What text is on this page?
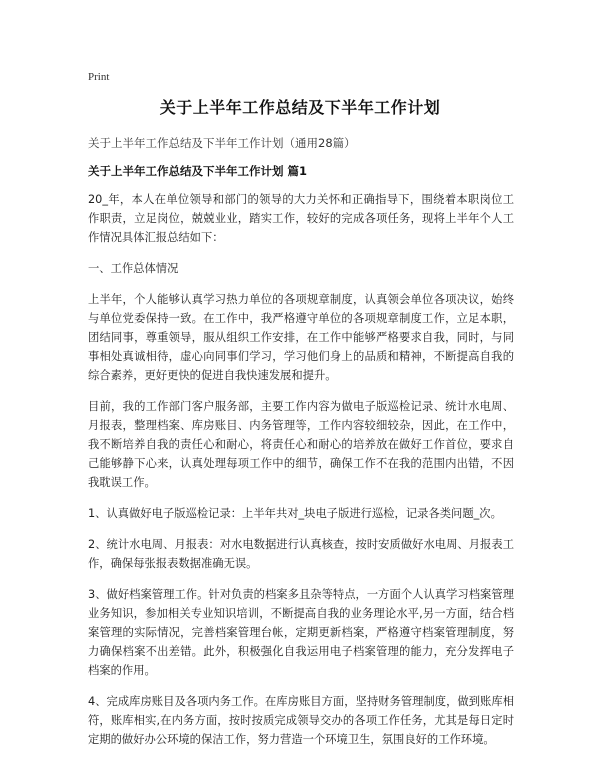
Print
关于上半年工作总结及下半年工作计划

关于上半年工作总结及下半年工作计划（通用28篇）

关于上半年工作总结及下半年工作计划 篇1

20_年，本人在单位领导和部门的领导的大力关怀和正确指导下，围绕着本职岗位工作职责，立足岗位，兢兢业业，踏实工作，较好的完成各项任务，现将上半年个人工作情况具体汇报总结如下：

一、工作总体情况

上半年，个人能够认真学习热力单位的各项规章制度，认真领会单位各项决议，始终与单位党委保持一致。在工作中，我严格遵守单位的各项规章制度工作，立足本职，团结同事，尊重领导，服从组织工作安排，在工作中能够严格要求自我，同时，与同事相处真诚相待，虚心向同事们学习，学习他们身上的品质和精神，不断提高自我的综合素养，更好更快的促进自我快速发展和提升。

目前，我的工作部门客户服务部，主要工作内容为做电子版巡检记录、统计水电周、月报表，整理档案、库房账目、内务管理等，工作内容较细较杂，因此，在工作中，我不断培养自我的责任心和耐心，将责任心和耐心的培养放在做好工作首位，要求自己能够静下心来，认真处理每项工作中的细节，确保工作不在我的范围内出错，不因我耽误工作。

1、认真做好电子版巡检记录：上半年共对_块电子版进行巡检，记录各类问题_次。

2、统计水电周、月报表：对水电数据进行认真核查，按时安质做好水电周、月报表工作，确保每张报表数据准确无误。

3、做好档案管理工作。针对负责的档案多且杂等特点，一方面个人认真学习档案管理业务知识，参加相关专业知识培训，不断提高自我的业务理论水平,另一方面，结合档案管理的实际情况，完善档案管理台帐，定期更新档案，严格遵守档案管理制度，努力确保档案不出差错。此外，积极强化自我运用电子档案管理的能力，充分发挥电子档案的作用。

4、完成库房账目及各项内务工作。在库房账目方面，坚持财务管理制度，做到账库相符，账库相实,在内务方面，按时按质完成领导交办的各项工作任务，尤其是每日定时定期的做好办公环境的保洁工作，努力营造一个环境卫生，氛围良好的工作环境。
